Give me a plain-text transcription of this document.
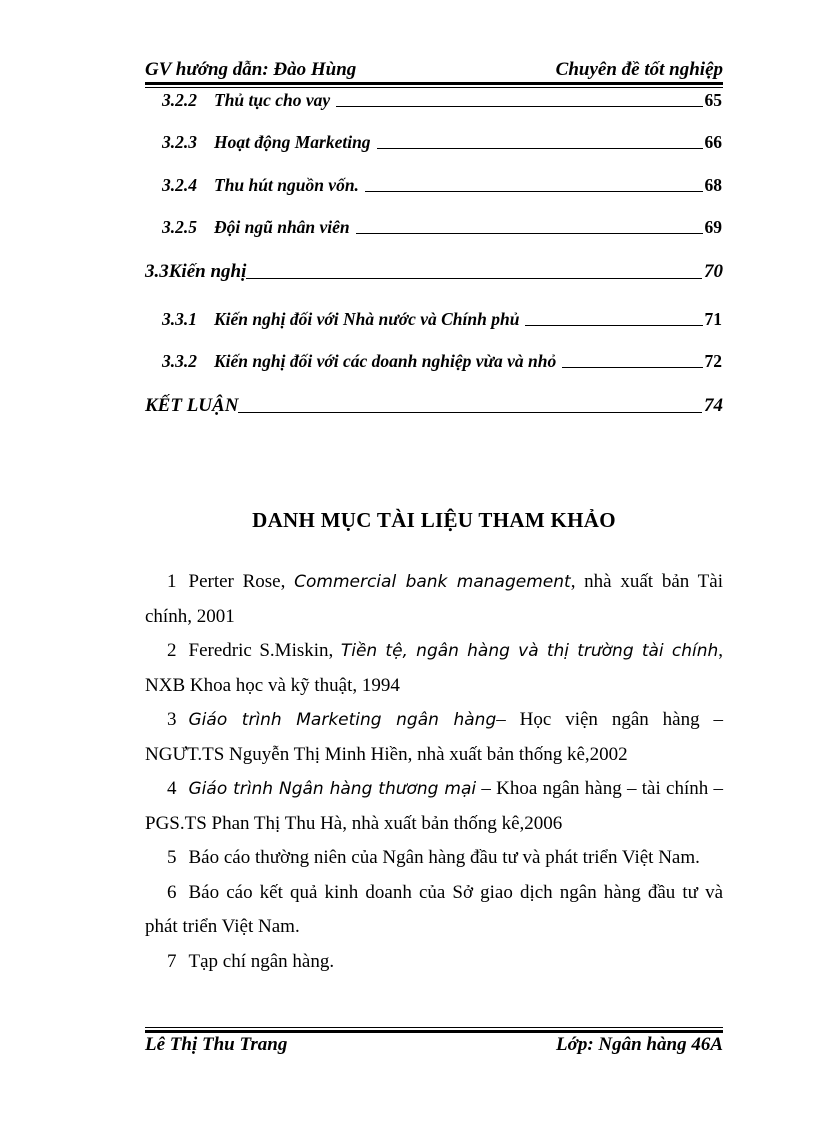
GV hướng dẫn: Đào Hùng	Chuyên đề tốt nghiệp
3.2.2 Thủ tục cho vay	65
3.2.3 Hoạt động Marketing	66
3.2.4 Thu hút nguồn vốn.	68
3.2.5 Đội ngũ nhân viên	69
3.3 Kiến nghị	70
3.3.1 Kiến nghị đối với Nhà nước và Chính phủ	71
3.3.2 Kiến nghị đối với các doanh nghiệp vừa và nhỏ	72
KẾT LUẬN	74
DANH MỤC TÀI LIỆU THAM KHẢO

1 Perter Rose, Commercial bank management, nhà xuất bản Tài chính, 2001

2 Feredric S.Miskin, Tiền tệ, ngân hàng và thị trường tài chính, NXB Khoa học và kỹ thuật, 1994

3 Giáo trình Marketing ngân hàng– Học viện ngân hàng – NGƯT.TS Nguyễn Thị Minh Hiền, nhà xuất bản thống kê,2002

4 Giáo trình Ngân hàng thương mại – Khoa ngân hàng – tài chính – PGS.TS Phan Thị Thu Hà, nhà xuất bản thống kê,2006

5 Báo cáo thường niên của Ngân hàng đầu tư và phát triển Việt Nam.

6 Báo cáo kết quả kinh doanh của Sở giao dịch ngân hàng đầu tư và phát triển Việt Nam.

7 Tạp chí ngân hàng.

Lê Thị Thu Trang	Lớp: Ngân hàng 46A
